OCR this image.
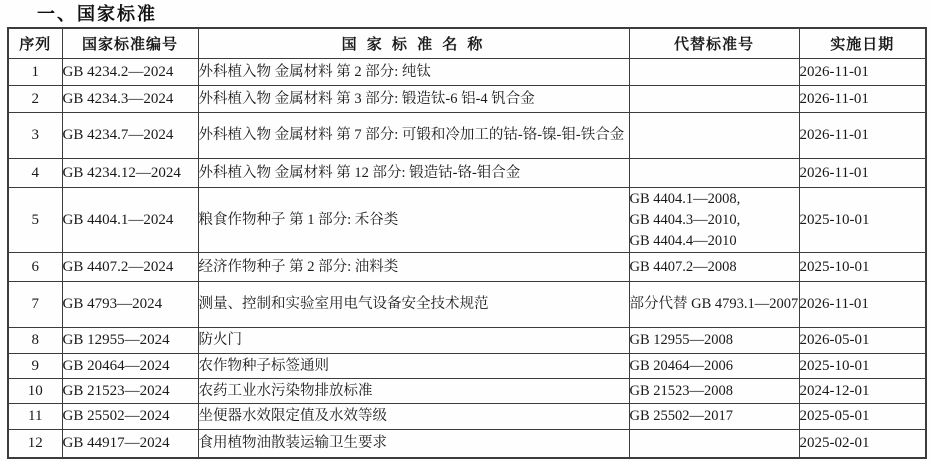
一、国家标准
序列	国家标准编号	国 家 标 准 名 称	代替标准号	实施日期
1	GB 4234.2—2024	外科植入物 金属材料 第 2 部分: 纯钛		2026-11-01
2	GB 4234.3—2024	外科植入物 金属材料 第 3 部分: 锻造钛-6 铝-4 钒合金		2026-11-01
3	GB 4234.7—2024	外科植入物 金属材料 第 7 部分: 可锻和冷加工的钴-铬-镍-钼-铁合金		2026-11-01
4	GB 4234.12—2024	外科植入物 金属材料 第 12 部分: 锻造钴-铬-钼合金		2026-11-01
5	GB 4404.1—2024	粮食作物种子 第 1 部分: 禾谷类	GB 4404.1—2008,
GB 4404.3—2010,
GB 4404.4—2010	2025-10-01
6	GB 4407.2—2024	经济作物种子 第 2 部分: 油料类	GB 4407.2—2008	2025-10-01
7	GB 4793—2024	测量、控制和实验室用电气设备安全技术规范	部分代替 GB 4793.1—2007	2026-11-01
8	GB 12955—2024	防火门	GB 12955—2008	2026-05-01
9	GB 20464—2024	农作物种子标签通则	GB 20464—2006	2025-10-01
10	GB 21523—2024	农药工业水污染物排放标准	GB 21523—2008	2024-12-01
11	GB 25502—2024	坐便器水效限定值及水效等级	GB 25502—2017	2025-05-01
12	GB 44917—2024	食用植物油散装运输卫生要求		2025-02-01
